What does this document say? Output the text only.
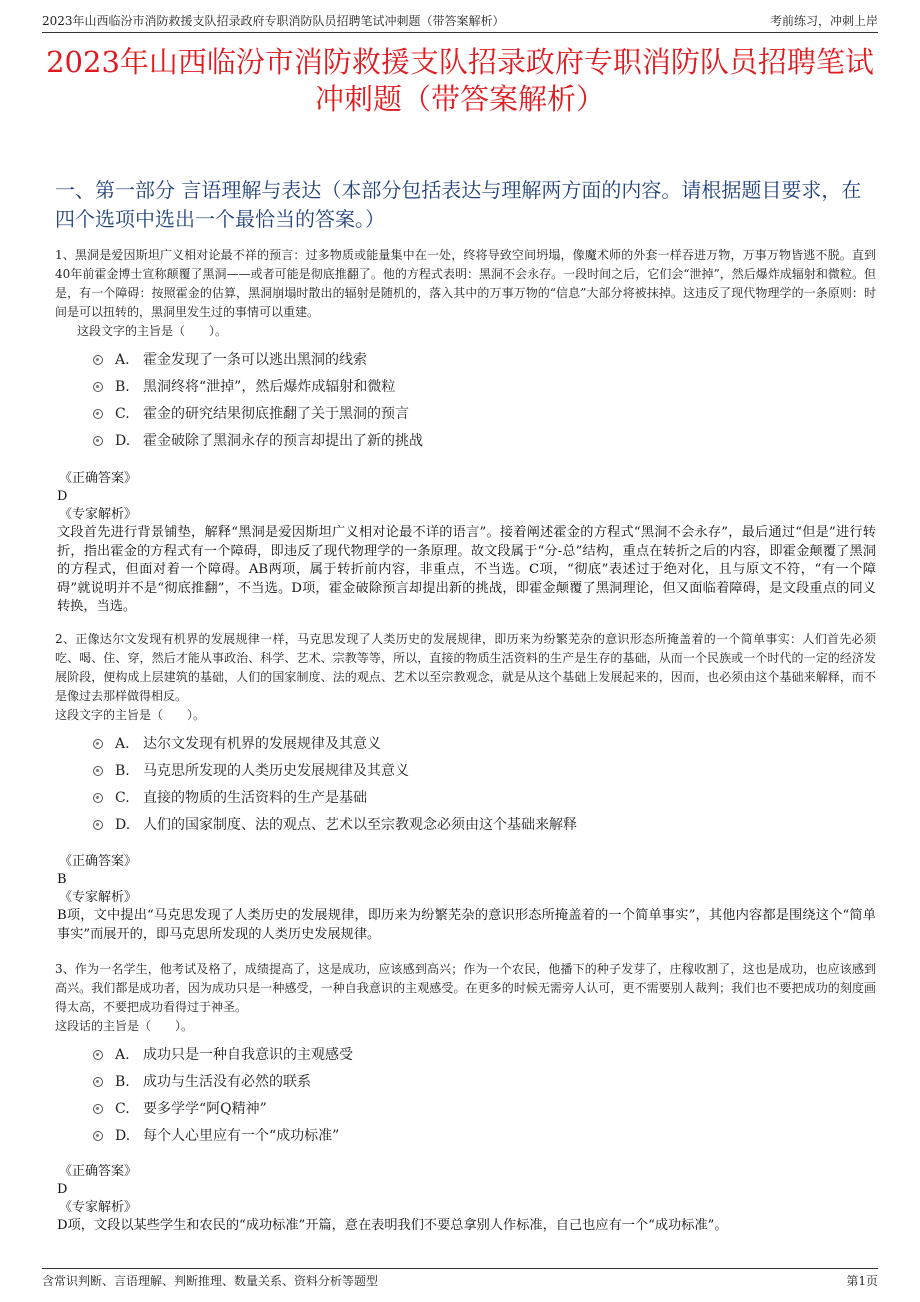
2023年山西临汾市消防救援支队招录政府专职消防队员招聘笔试冲刺题（带答案解析）	考前练习，冲刺上岸
2023年山西临汾市消防救援支队招录政府专职消防队员招聘笔试冲刺题（带答案解析）
一、第一部分 言语理解与表达（本部分包括表达与理解两方面的内容。请根据题目要求，在四个选项中选出一个最恰当的答案。）
1、黑洞是爱因斯坦广义相对论最不祥的预言：过多物质或能量集中在一处，终将导致空间坍塌，像魔术师的外套一样吞进万物，万事万物皆逃不脱。直到40年前霍金博士宣称颠覆了黑洞——或者可能是彻底推翻了。他的方程式表明：黑洞不会永存。一段时间之后，它们会“泄掉”，然后爆炸成辐射和微粒。但是，有一个障碍：按照霍金的估算，黑洞崩塌时散出的辐射是随机的，落入其中的万事万物的“信息”大部分将被抹掉。这违反了现代物理学的一条原则：时间是可以扭转的，黑洞里发生过的事情可以重建。
这段文字的主旨是（　　）。
A. 霍金发现了一条可以逃出黑洞的线索
B. 黑洞终将“泄掉”，然后爆炸成辐射和微粒
C. 霍金的研究结果彻底推翻了关于黑洞的预言
D. 霍金破除了黑洞永存的预言却提出了新的挑战
《正确答案》
D
《专家解析》
文段首先进行背景铺垫，解释“黑洞是爱因斯坦广义相对论最不详的语言”。接着阐述霍金的方程式“黑洞不会永存”，最后通过“但是”进行转折，指出霍金的方程式有一个障碍，即违反了现代物理学的一条原理。故文段属于“分-总”结构，重点在转折之后的内容，即霍金颠覆了黑洞的方程式，但面对着一个障碍。AB两项，属于转折前内容，非重点，不当选。C项，“彻底”表述过于绝对化，且与原文不符，“有一个障碍”就说明并不是“彻底推翻”，不当选。D项，霍金破除预言却提出新的挑战，即霍金颠覆了黑洞理论，但又面临着障碍，是文段重点的同义转换，当选。
2、正像达尔文发现有机界的发展规律一样，马克思发现了人类历史的发展规律，即历来为纷繁芜杂的意识形态所掩盖着的一个简单事实：人们首先必须吃、喝、住、穿，然后才能从事政治、科学、艺术、宗教等等，所以，直接的物质生活资料的生产是生存的基础，从而一个民族或一个时代的一定的经济发展阶段，便构成上层建筑的基础，人们的国家制度、法的观点、艺术以至宗教观念，就是从这个基础上发展起来的，因而，也必须由这个基础来解释，而不是像过去那样做得相反。
这段文字的主旨是（　　）。
A. 达尔文发现有机界的发展规律及其意义
B. 马克思所发现的人类历史发展规律及其意义
C. 直接的物质的生活资料的生产是基础
D. 人们的国家制度、法的观点、艺术以至宗教观念必须由这个基础来解释
《正确答案》
B
《专家解析》
B项，文中提出“马克思发现了人类历史的发展规律，即历来为纷繁芜杂的意识形态所掩盖着的一个简单事实”，其他内容都是围绕这个“简单事实”而展开的，即马克思所发现的人类历史发展规律。
3、作为一名学生，他考试及格了，成绩提高了，这是成功，应该感到高兴；作为一个农民，他播下的种子发芽了，庄稼收割了，这也是成功，也应该感到高兴。我们都是成功者，因为成功只是一种感受，一种自我意识的主观感受。在更多的时候无需旁人认可，更不需要别人裁判；我们也不要把成功的刻度画得太高，不要把成功看得过于神圣。
这段话的主旨是（　　）。
A. 成功只是一种自我意识的主观感受
B. 成功与生活没有必然的联系
C. 要多学学“阿Q精神”
D. 每个人心里应有一个“成功标准”
《正确答案》
D
《专家解析》
D项，文段以某些学生和农民的“成功标准”开篇，意在表明我们不要总拿别人作标准，自己也应有一个“成功标准”。
含常识判断、言语理解、判断推理、数量关系、资料分析等题型	第1页
